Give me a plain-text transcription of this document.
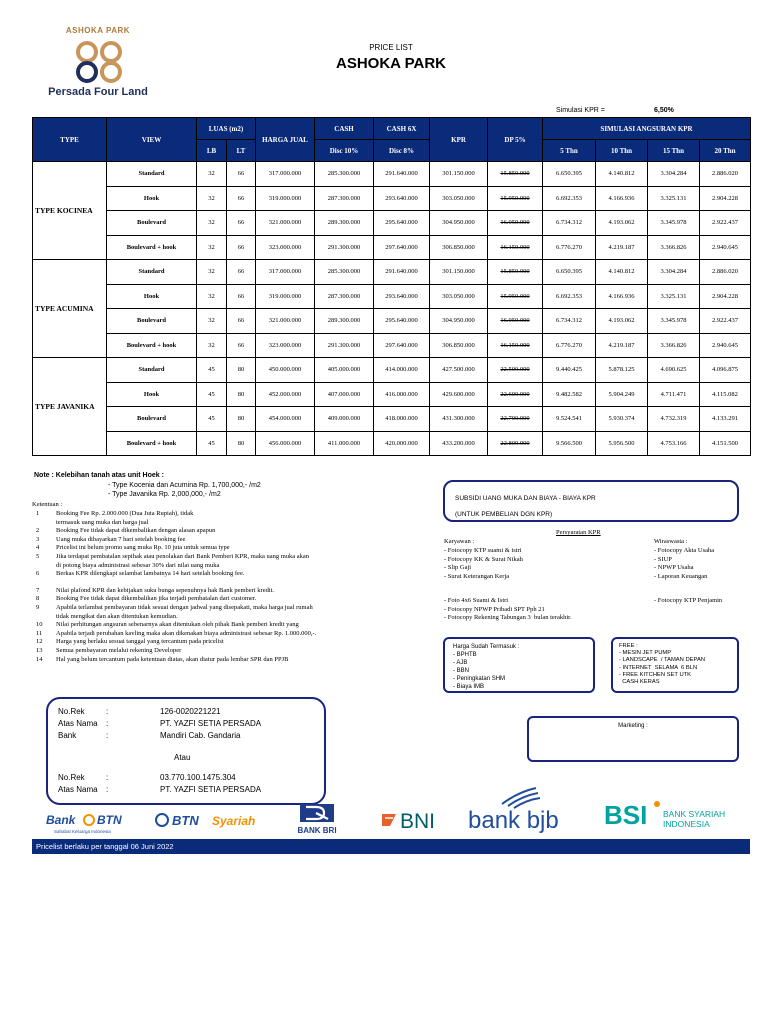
ASHOKA PARK
Persada Four Land
PRICE LIST
ASHOKA PARK
Simulasi KPR =	6,50%
TYPE	VIEW	LUAS (m2)		HARGA JUAL	CASH	CASH 6X	KPR	DP 5%	SIMULASI ANGSURAN KPR			
		LB	LT		Disc 10%	Disc 8%			5 Thn	10 Thn	15 Thn	20 Thn
TYPE KOCINEA	Standard	32	66	317.000.000	285.300.000	291.640.000	301.150.000	15.850.000	6.650.395	4.140.812	3.304.284	2.886.020
	Hook	32	66	319.000.000	287.300.000	293.640.000	303.050.000	15.950.000	6.692.353	4.166.936	3.325.131	2.904.228
	Boulevard	32	66	321.000.000	289.300.000	295.640.000	304.950.000	16.050.000	6.734.312	4.193.062	3.345.978	2.922.437
	Boulevard + hook	32	66	323.000.000	291.300.000	297.640.000	306.850.000	16.150.000	6.776.270	4.219.187	3.366.826	2.940.645
TYPE ACUMINA	Standard	32	66	317.000.000	285.300.000	291.640.000	301.150.000	15.850.000	6.650.395	4.140.812	3.304.284	2.886.020
	Hook	32	66	319.000.000	287.300.000	293.640.000	303.050.000	15.950.000	6.692.353	4.166.936	3.325.131	2.904.228
	Boulevard	32	66	321.000.000	289.300.000	295.640.000	304.950.000	16.050.000	6.734.312	4.193.062	3.345.978	2.922.437
	Boulevard + hook	32	66	323.000.000	291.300.000	297.640.000	306.850.000	16.150.000	6.776.270	4.219.187	3.366.826	2.940.645
TYPE JAVANIKA	Standard	45	80	450.000.000	405.000.000	414.000.000	427.500.000	22.500.000	9.440.425	5.878.125	4.690.625	4.096.875
	Hook	45	80	452.000.000	407.000.000	416.000.000	429.600.000	22.600.000	9.482.582	5.904.249	4.711.471	4.115.082
	Boulevard	45	80	454.000.000	409.000.000	418.000.000	431.300.000	22.700.000	9.524.541	5.930.374	4.732.319	4.133.291
	Boulevard + hook	45	80	456.000.000	411.000.000	420.000.000	433.200.000	22.800.000	9.566.500	5.956.500	4.753.166	4.151.500
Note : Kelebihan tanah atas unit Hoek :
- Type Kocenia dan Acumina Rp. 1,700,000,- /m2
- Type Javanika Rp. 2,000,000,- /m2
Ketentuan :
1	Booking Fee Rp. 2.000.000 (Dua Juta Rupiah), tidak
termasuk uang muka dan harga jual
2	Booking Fee tidak dapat dikembalikan dengan alasan apapun
3	Uang muka dibayarkan 7 hari setelah booking fee
4	Pricelist ini belum promo sang muka Rp. 10 juta untuk semua type
5	Jika terdapat pembatalan sepihak atau penolakan dari Bank Pemberi KPR, maka uang muka akan
di potong biaya administrasi sebesar 30% dari nilai uang muka
6	Berkas KPR dilengkapi selambat lambatnya 14 hari setelah booking fee.
7	Nilai plafond KPR dan kebijakan suku bunga sepenuhnya hak Bank pemberi kredit.
8	Booking Fee tidak dapat dikembalikan jika terjadi pembatalan dari customer.
9	Apabila terlambat pembayaran tidak sesuai dengan jadwal yang disepakati, maka harga jual rumah
tidak mengikat dan akan ditentukan kemudian.
10 Nilai perhitungan angsuran sebenarnya akan ditentukan oleh pihak Bank pemberi kredit yang
11 Apabila terjadi perubahan kavling maka akan dikenakan biaya administrasi sebesar Rp. 1.000.000,-.
12 Harga yang berlaku sesuai tanggal yang tercantum pada pricelist
13 Semua pembayaran melalui rekening Developer
14 Hal yang belum tercantum pada ketentuan diatas, akan diatur pada lembar SPR dan PPJB
SUBSIDI UANG MUKA DAN BIAYA - BIAYA KPR
(UNTUK PEMBELIAN DGN KPR)
Persyaratan KPR
Karyawan :	Wiraswasta :
- Fotocopy KTP suami & istri
- Fotocopy KK & Surat Nikah
- Slip Gaji
- Surat Keterangan Kerja
- Fotocopy Akta Usaha
- SIUP
- NPWP Usaha
- Laporan Keuangan
- Foto 4x6 Suami & Istri
- Fotocopy NPWP Pribadi SPT Pph 21
- Fotocopy Rekening Tabungan 3  bulan terakhir.
- Fotocopy KTP Penjamin
Harga Sudah Termasuk :
- BPHTB
- AJB
- BBN
- Peningkatan SHM
- Biaya IMB
FREE :
- MESIN JET PUMP
- LANDSCAPE  / TAMAN DEPAN
- INTERNET  SELAMA  6 BLN
- FREE KITCHEN SET UTK
CASH KERAS
Marketing :
No.Rek	:	126-0020221221
Atas Nama :	PT. YAZFI SETIA PERSADA
Bank	:	Mandiri Cab. Gandaria
Atau
No.Rek	:	03.770.100.1475.304
Atas Nama :	PT. YAZFI SETIA PERSADA
Bank BTN
Sahabat Keluarga Indonesia
BTN Syariah
BANK BRI	BNI bank bjb BSI BANK SYARIAH
INDONESIA
Pricelist berlaku per tanggal 06 Juni 2022
